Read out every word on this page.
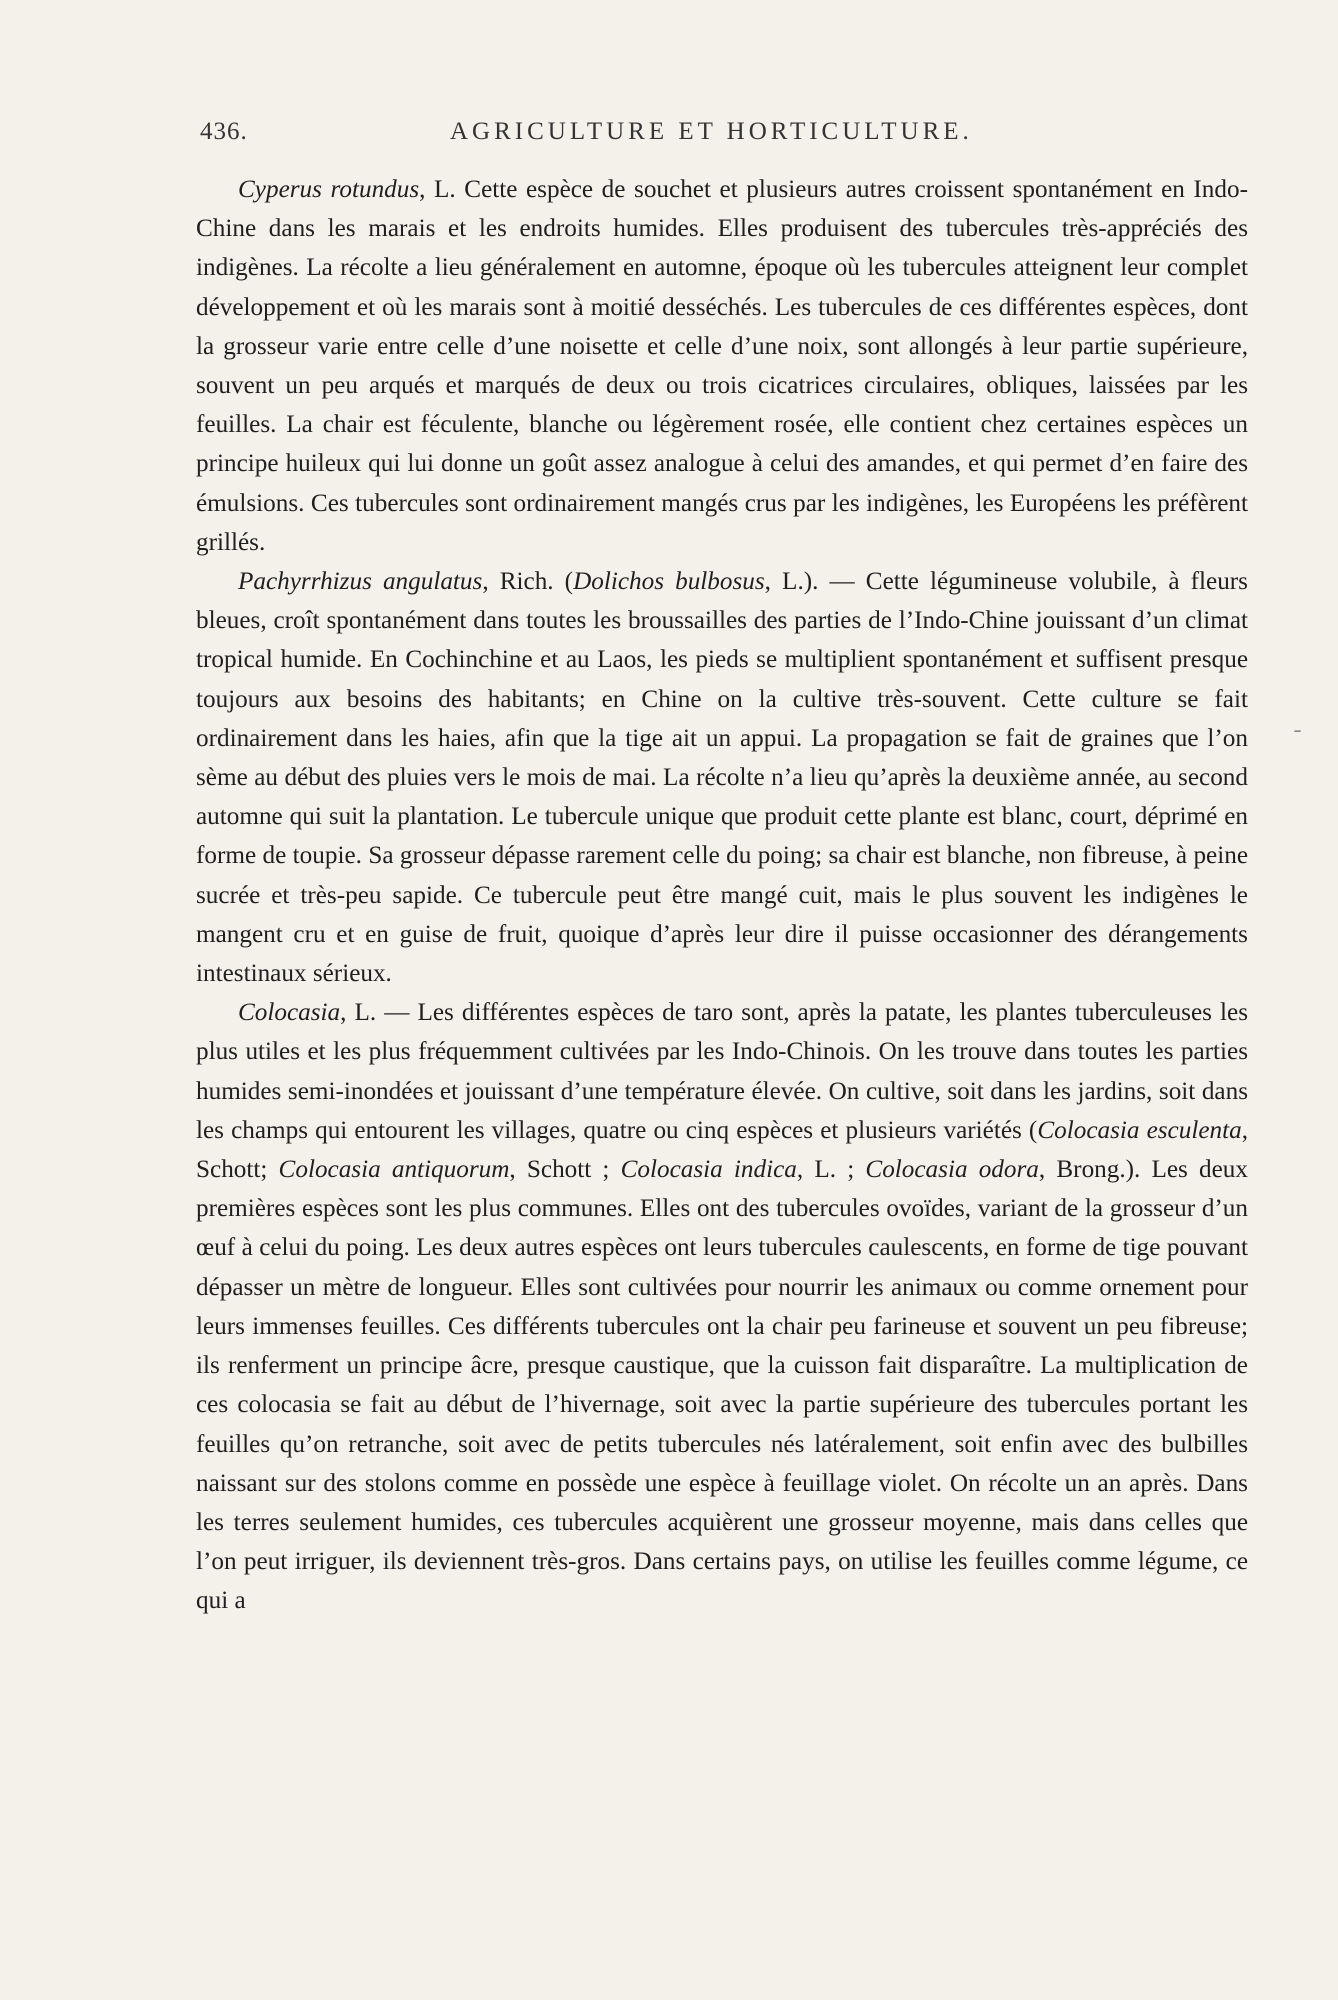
436.	AGRICULTURE ET HORTICULTURE.
ˉ

Cyperus rotundus, L. Cette espèce de souchet et plusieurs autres croissent spontanément en Indo-Chine dans les marais et les endroits humides. Elles produisent des tubercules très-appréciés des indigènes. La récolte a lieu généralement en automne, époque où les tubercules atteignent leur complet développement et où les marais sont à moitié desséchés. Les tubercules de ces différentes espèces, dont la grosseur varie entre celle d’une noisette et celle d’une noix, sont allongés à leur partie supérieure, souvent un peu arqués et marqués de deux ou trois cicatrices circulaires, obliques, laissées par les feuilles. La chair est féculente, blanche ou légèrement rosée, elle contient chez certaines espèces un principe huileux qui lui donne un goût assez analogue à celui des amandes, et qui permet d’en faire des émulsions. Ces tubercules sont ordinairement mangés crus par les indigènes, les Européens les préfèrent grillés.

Pachyrrhizus angulatus, Rich. (Dolichos bulbosus, L.). — Cette légumineuse volubile, à fleurs bleues, croît spontanément dans toutes les broussailles des parties de l’Indo-Chine jouissant d’un climat tropical humide. En Cochinchine et au Laos, les pieds se multiplient spontanément et suffisent presque toujours aux besoins des habitants; en Chine on la cultive très-souvent. Cette culture se fait ordinairement dans les haies, afin que la tige ait un appui. La propagation se fait de graines que l’on sème au début des pluies vers le mois de mai. La récolte n’a lieu qu’après la deuxième année, au second automne qui suit la plantation. Le tubercule unique que produit cette plante est blanc, court, déprimé en forme de toupie. Sa grosseur dépasse rarement celle du poing; sa chair est blanche, non fibreuse, à peine sucrée et très-peu sapide. Ce tubercule peut être mangé cuit, mais le plus souvent les indigènes le mangent cru et en guise de fruit, quoique d’après leur dire il puisse occasionner des dérangements intestinaux sérieux.

Colocasia, L. — Les différentes espèces de taro sont, après la patate, les plantes tuberculeuses les plus utiles et les plus fréquemment cultivées par les Indo-Chinois. On les trouve dans toutes les parties humides semi-inondées et jouissant d’une température élevée. On cultive, soit dans les jardins, soit dans les champs qui entourent les villages, quatre ou cinq espèces et plusieurs variétés (Colocasia esculenta, Schott; Colocasia antiquorum, Schott ; Colocasia indica, L. ; Colocasia odora, Brong.). Les deux premières espèces sont les plus communes. Elles ont des tubercules ovoïdes, variant de la grosseur d’un œuf à celui du poing. Les deux autres espèces ont leurs tubercules caulescents, en forme de tige pouvant dépasser un mètre de longueur. Elles sont cultivées pour nourrir les animaux ou comme ornement pour leurs immenses feuilles. Ces différents tubercules ont la chair peu farineuse et souvent un peu fibreuse; ils renferment un principe âcre, presque caustique, que la cuisson fait disparaître. La multiplication de ces colocasia se fait au début de l’hivernage, soit avec la partie supérieure des tubercules portant les feuilles qu’on retranche, soit avec de petits tubercules nés latéralement, soit enfin avec des bulbilles naissant sur des stolons comme en possède une espèce à feuillage violet. On récolte un an après. Dans les terres seulement humides, ces tubercules acquièrent une grosseur moyenne, mais dans celles que l’on peut irriguer, ils deviennent très-gros. Dans certains pays, on utilise les feuilles comme légume, ce qui a
